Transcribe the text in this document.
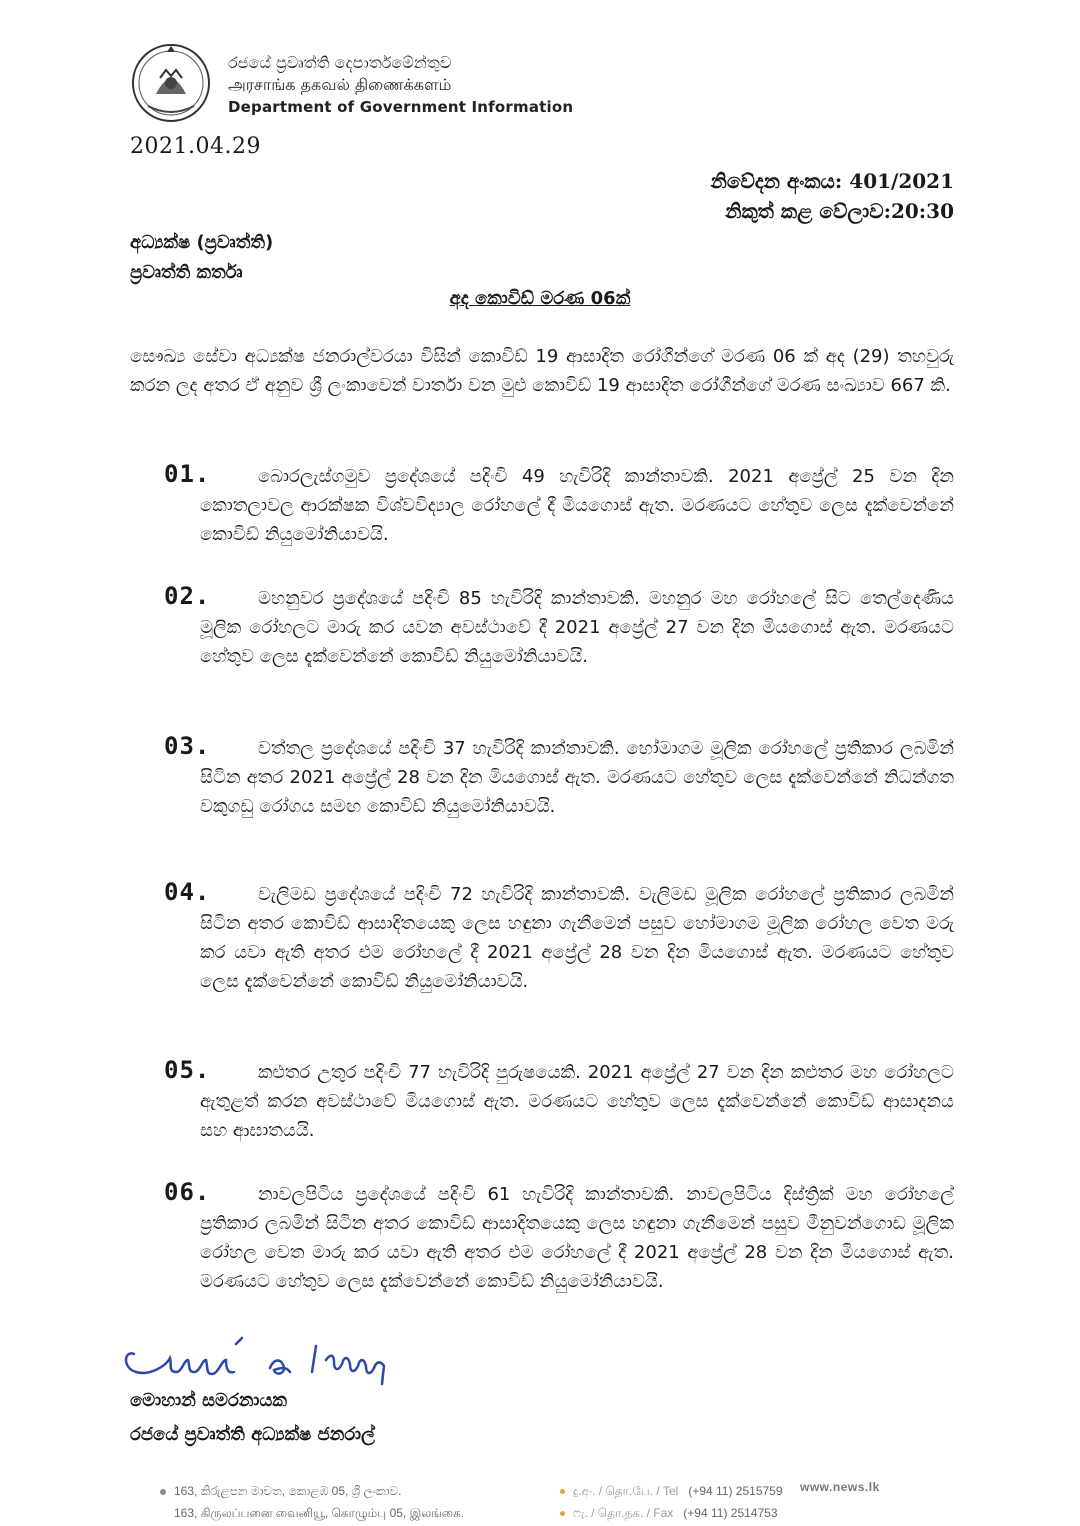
රජයේ ප්‍රවෘත්ති දෙපාර්තමේන්තුව
அரசாங்க தகவல் திணைக்களம்
Department of Government Information
2021.04.29
නිවේදන අංකය: 401/2021
නිකුත් කළ වේලාව:20:30
අධ්‍යක්ෂ (ප්‍රවෘත්ති)
ප්‍රවෘත්ති කර්තෘ
අද කොවිඩ් මරණ 06ක්
සෞඛ්‍ය සේවා අධ්‍යක්ෂ ජනරාල්වරයා විසින් කොවිඩ් 19 ආසාදිත රෝගීන්ගේ මරණ 06 ක් අද (29) තහවුරු කරන ලද අතර ඒ අනුව ශ්‍රී ලංකාවෙන් වාර්තා වන මුළු කොවිඩ් 19 ආසාදිත රෝගීන්ගේ මරණ සංඛ්‍යාව 667 කි.
01.	බොරලැස්ගමුව ප්‍රදේශයේ පදිංචි 49 හැවිරිදි කාන්තාවකි. 2021 අප්‍රේල් 25 වන දින කොතලාවල ආරක්ෂක විශ්වවිද්‍යාල රෝහලේ දී මියගොස් ඇත. මරණයට හේතුව ලෙස දැක්වෙන්නේ කොවිඩ් නියුමෝනියාවයි.
02.	මහනුවර ප්‍රදේශයේ පදිංචි 85 හැවිරිදි කාන්තාවකි. මහනුර මහ රෝහලේ සිට තෙල්දෙණිය මූලික රෝහලට මාරු කර යවන අවස්ථාවේ දී 2021 අප්‍රේල් 27 වන දින මියගොස් ඇත. මරණයට හේතුව ලෙස දැක්වෙන්නේ කොවිඩ් නියුමෝනියාවයි.
03.	වත්තල ප්‍රදේශයේ පදිංචි 37 හැවිරිදි කාන්තාවකි. හෝමාගම මූලික රෝහලේ ප්‍රතිකාර ලබමින් සිටින අතර 2021 අප්‍රේල් 28 වන දින මියගොස් ඇත. මරණයට හේතුව ලෙස දැක්වෙන්නේ නිධන්ගත වකුගඩු රෝගය සමඟ කොවිඩ් නියුමෝනියාවයි.
04.	වැලිමඩ ප්‍රදේශයේ පදිංචි 72 හැවිරිදි කාන්තාවකි. වැලිමඩ මූලික රෝහලේ ප්‍රතිකාර ලබමින් සිටින අතර කොවිඩ් ආසාදිතයෙකු ලෙස හඳුනා ගැනීමෙන් පසුව හෝමාගම මූලික රෝහල වෙත මරු කර යවා ඇති අතර එම රෝහලේ දී 2021 අප්‍රේල් 28 වන දින මියගොස් ඇත. මරණයට හේතුව ලෙස දැක්වෙන්නේ කොවිඩ් නියුමෝනියාවයි.
05.	කළුතර උතුර පදිංචි 77 හැවිරිදි පුරුෂයෙකි. 2021 අප්‍රේල් 27 වන දින කළුතර මහ රෝහලට ඇතුළත් කරන අවස්ථාවේ මියගොස් ඇත. මරණයට හේතුව ලෙස දැක්වෙන්නේ කොවිඩ් ආසාදනය සහ ආඝාතයයි.
06.	නාවලපිටිය ප්‍රදේශයේ පදිංචි 61 හැවිරිදි කාන්තාවකි. නාවලපිටිය දිස්ත්‍රික් මහ රෝහලේ ප්‍රතිකාර ලබමින් සිටින අතර කොවිඩ් ආසාදිතයෙකු ලෙස හඳුනා ගැනීමෙන් පසුව මීනුවන්ගොඩ මූලික රෝහල වෙත මාරු කර යවා ඇති අතර එම රෝහලේ දී 2021 අප්‍රේල් 28 වන දින මියගොස් ඇත. මරණයට හේතුව ලෙස දැක්වෙන්නේ කොවිඩ් නියුමෝනියාවයි.
මොහාන් සමරනායක
රජයේ ප්‍රවෘත්ති අධ්‍යක්ෂ ජනරාල්
163, කිරුළපන මාවත, කොළඹ 05, ශ්‍රී ලංකාව.
163, கிருலப்பனை வைனியூ, கொழும்பு 05, இலங்கை.
දු.අං. / தொ.பே. / Tel (+94 11) 2515759
ෆැ. / தொ.நக. / Fax (+94 11) 2514753
www.news.lk
